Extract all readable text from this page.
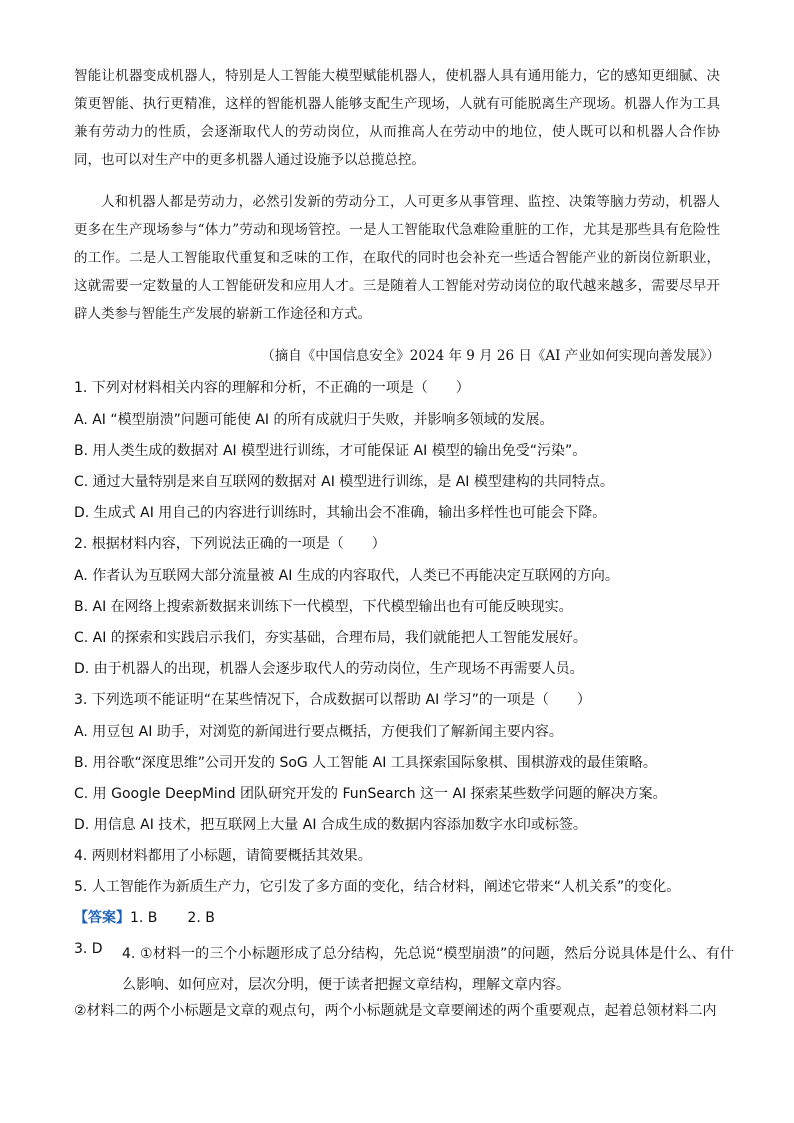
智能让机器变成机器人，特别是人工智能大模型赋能机器人，使机器人具有通用能力，它的感知更细腻、决策更智能、执行更精准，这样的智能机器人能够支配生产现场，人就有可能脱离生产现场。机器人作为工具兼有劳动力的性质，会逐渐取代人的劳动岗位，从而推高人在劳动中的地位，使人既可以和机器人合作协同，也可以对生产中的更多机器人通过设施予以总揽总控。
人和机器人都是劳动力，必然引发新的劳动分工，人可更多从事管理、监控、决策等脑力劳动，机器人更多在生产现场参与“体力”劳动和现场管控。一是人工智能取代急难险重脏的工作，尤其是那些具有危险性的工作。二是人工智能取代重复和乏味的工作，在取代的同时也会补充一些适合智能产业的新岗位新职业，这就需要一定数量的人工智能研发和应用人才。三是随着人工智能对劳动岗位的取代越来越多，需要尽早开辟人类参与智能生产发展的崭新工作途径和方式。
（摘自《中国信息安全》2024 年 9 月 26 日《AI 产业如何实现向善发展》）
1. 下列对材料相关内容的理解和分析，不正确的一项是（　　）
A. AI “模型崩溃”问题可能使 AI 的所有成就归于失败，并影响多领域的发展。
B. 用人类生成的数据对 AI 模型进行训练，才可能保证 AI 模型的输出免受“污染”。
C. 通过大量特别是来自互联网的数据对 AI 模型进行训练，是 AI 模型建构的共同特点。
D. 生成式 AI 用自己的内容进行训练时，其输出会不准确，输出多样性也可能会下降。
2. 根据材料内容，下列说法正确的一项是（　　）
A. 作者认为互联网大部分流量被 AI 生成的内容取代，人类已不再能决定互联网的方向。
B. AI 在网络上搜索新数据来训练下一代模型，下代模型输出也有可能反映现实。
C. AI 的探索和实践启示我们，夯实基础，合理布局，我们就能把人工智能发展好。
D. 由于机器人的出现，机器人会逐步取代人的劳动岗位，生产现场不再需要人员。
3. 下列选项不能证明“在某些情况下，合成数据可以帮助 AI 学习”的一项是（　　）
A. 用豆包 AI 助手，对浏览的新闻进行要点概括，方便我们了解新闻主要内容。
B. 用谷歌“深度思维”公司开发的 SoG 人工智能 AI 工具探索国际象棋、围棋游戏的最佳策略。
C. 用 Google DeepMind 团队研究开发的 FunSearch 这一 AI 探索某些数学问题的解决方案。
D. 用信息 AI 技术，把互联网上大量 AI 合成生成的数据内容添加数字水印或标签。
4. 两则材料都用了小标题，请简要概括其效果。
5. 人工智能作为新质生产力，它引发了多方面的变化，结合材料，阐述它带来“人机关系”的变化。
【答案】1. B 2. B
3. D	4. ①材料一的三个小标题形成了总分结构，先总说“模型崩溃”的问题，然后分说具体是什么、有什么影响、如何应对，层次分明，便于读者把握文章结构，理解文章内容。
②材料二的两个小标题是文章的观点句，两个小标题就是文章要阐述的两个重要观点，起着总领材料二内
